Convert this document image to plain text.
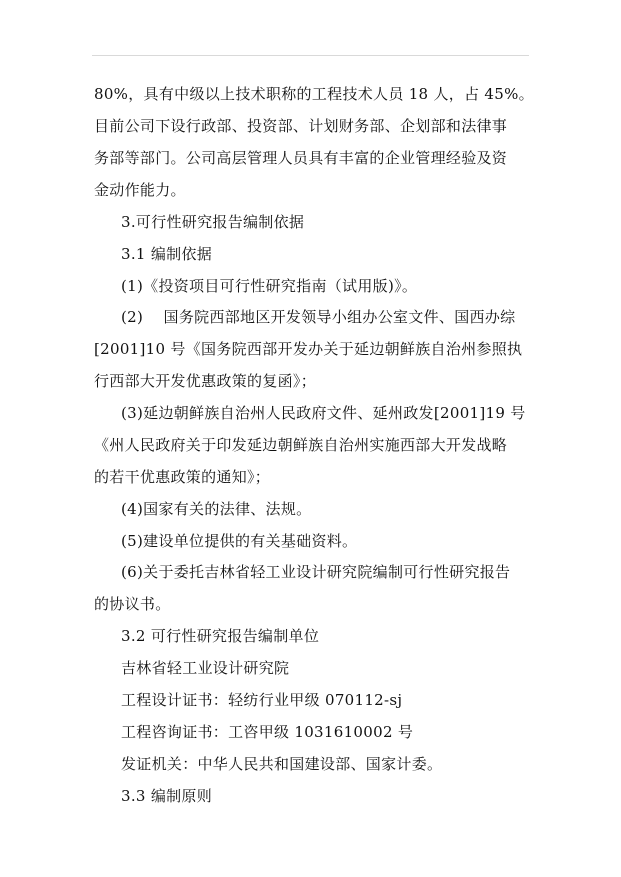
80%，具有中级以上技术职称的工程技术人员 18 人，占 45%。
目前公司下设行政部、投资部、计划财务部、企划部和法律事
务部等部门。公司高层管理人员具有丰富的企业管理经验及资
金动作能力。
3.可行性研究报告编制依据
3.1 编制依据
(1)《投资项目可行性研究指南（试用版)》。
(2)　 国务院西部地区开发领导小组办公室文件、国西办综
[2001]10 号《国务院西部开发办关于延边朝鲜族自治州参照执
行西部大开发优惠政策的复函》；
(3)延边朝鲜族自治州人民政府文件、延州政发[2001]19 号
《州人民政府关于印发延边朝鲜族自治州实施西部大开发战略
的若干优惠政策的通知》；
(4)国家有关的法律、法规。
(5)建设单位提供的有关基础资料。
(6)关于委托吉林省轻工业设计研究院编制可行性研究报告
的协议书。
3.2 可行性研究报告编制单位
吉林省轻工业设计研究院
工程设计证书：轻纺行业甲级 070112-sj
工程咨询证书：工咨甲级 1031610002 号
发证机关：中华人民共和国建设部、国家计委。
3.3 编制原则
